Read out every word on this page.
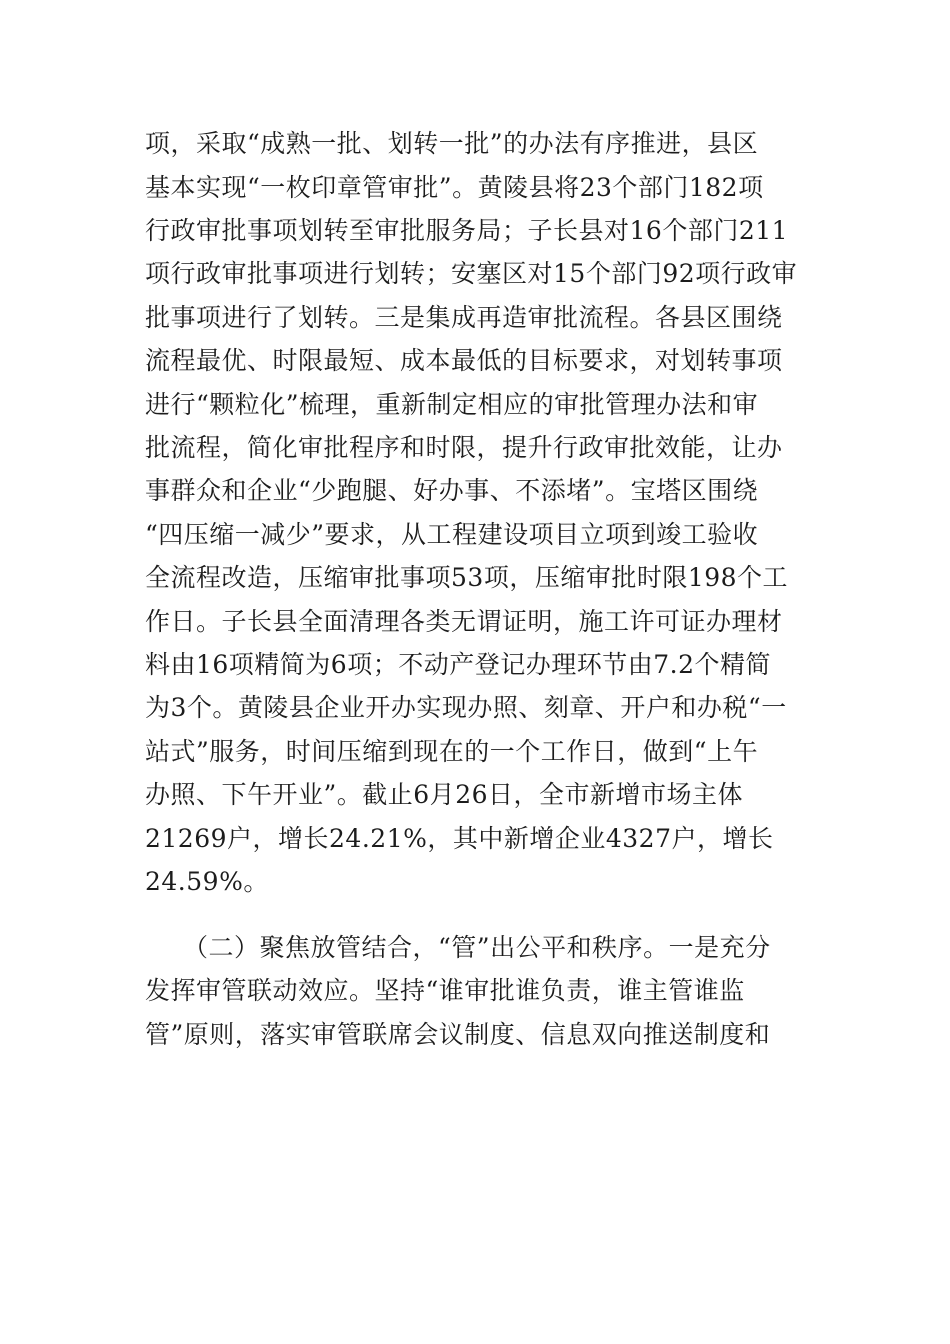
项，采取“成熟一批、划转一批”的办法有序推进，县区
基本实现“一枚印章管审批”。黄陵县将23个部门182项
行政审批事项划转至审批服务局；子长县对16个部门211
项行政审批事项进行划转；安塞区对15个部门92项行政审
批事项进行了划转。三是集成再造审批流程。各县区围绕
流程最优、时限最短、成本最低的目标要求，对划转事项
进行“颗粒化”梳理，重新制定相应的审批管理办法和审
批流程，简化审批程序和时限，提升行政审批效能，让办
事群众和企业“少跑腿、好办事、不添堵”。宝塔区围绕
“四压缩一减少”要求，从工程建设项目立项到竣工验收
全流程改造，压缩审批事项53项，压缩审批时限198个工
作日。子长县全面清理各类无谓证明，施工许可证办理材
料由16项精简为6项；不动产登记办理环节由7.2个精简
为3个。黄陵县企业开办实现办照、刻章、开户和办税“一
站式”服务，时间压缩到现在的一个工作日，做到“上午
办照、下午开业”。截止6月26日，全市新增市场主体
21269户，增长24.21%，其中新增企业4327户，增长
24.59%。
（二）聚焦放管结合，“管”出公平和秩序。一是充分
发挥审管联动效应。坚持“谁审批谁负责，谁主管谁监
管”原则，落实审管联席会议制度、信息双向推送制度和
